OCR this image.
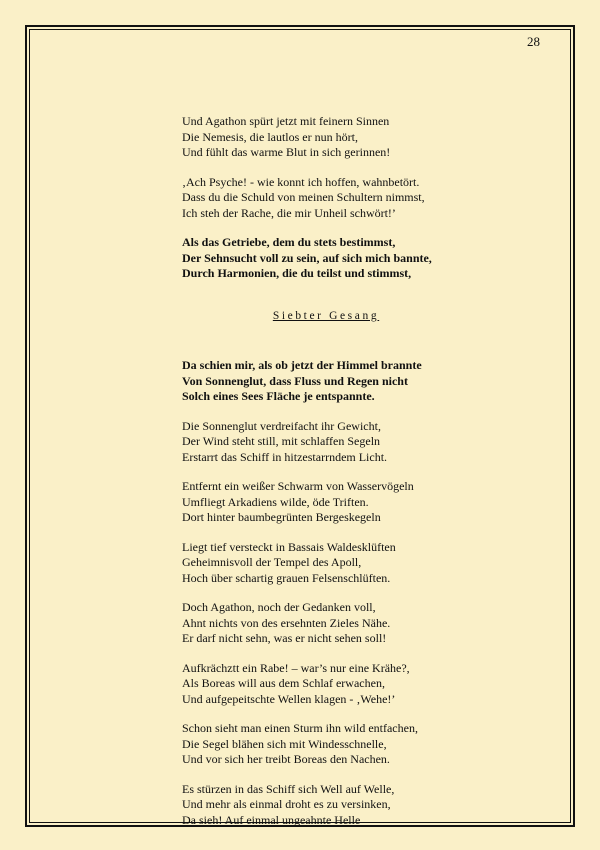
28
Und Agathon spürt jetzt mit feinern Sinnen
Die Nemesis, die lautlos er nun hört,
Und fühlt das warme Blut in sich gerinnen!
‚Ach Psyche! - wie konnt ich hoffen, wahnbetört.
Dass du die Schuld von meinen Schultern nimmst,
Ich steh der Rache, die mir Unheil schwört!’
Als das Getriebe, dem du stets bestimmst,
Der Sehnsucht voll zu sein, auf sich mich bannte,
Durch Harmonien, die du teilst und stimmst,
Siebter Gesang
Da schien mir, als ob jetzt der Himmel brannte
Von Sonnenglut, dass Fluss und Regen nicht
Solch eines Sees Fläche je entspannte.
Die Sonnenglut verdreifacht ihr Gewicht,
Der Wind steht still, mit schlaffen Segeln
Erstarrt das Schiff in hitzestarrndem Licht.
Entfernt ein weißer Schwarm von Wasservögeln
Umfliegt Arkadiens wilde, öde Triften.
Dort hinter baumbegrünten Bergeskegeln
Liegt tief versteckt in Bassais Waldesklüften
Geheimnisvoll der Tempel des Apoll,
Hoch über schartig grauen Felsenschlüften.
Doch Agathon, noch der Gedanken voll,
Ahnt nichts von des ersehnten Zieles Nähe.
Er darf nicht sehn, was er nicht sehen soll!
Aufkrächztt ein Rabe! – war’s nur eine Krähe?,
Als Boreas will aus dem Schlaf erwachen,
Und aufgepeitschte Wellen klagen - ‚Wehe!’
Schon sieht man einen Sturm ihn wild entfachen,
Die Segel blähen sich mit Windesschnelle,
Und vor sich her treibt Boreas den Nachen.
Es stürzen in das Schiff sich Well auf Welle,
Und mehr als einmal droht es zu versinken,
Da sieh! Auf einmal ungeahnte Helle
